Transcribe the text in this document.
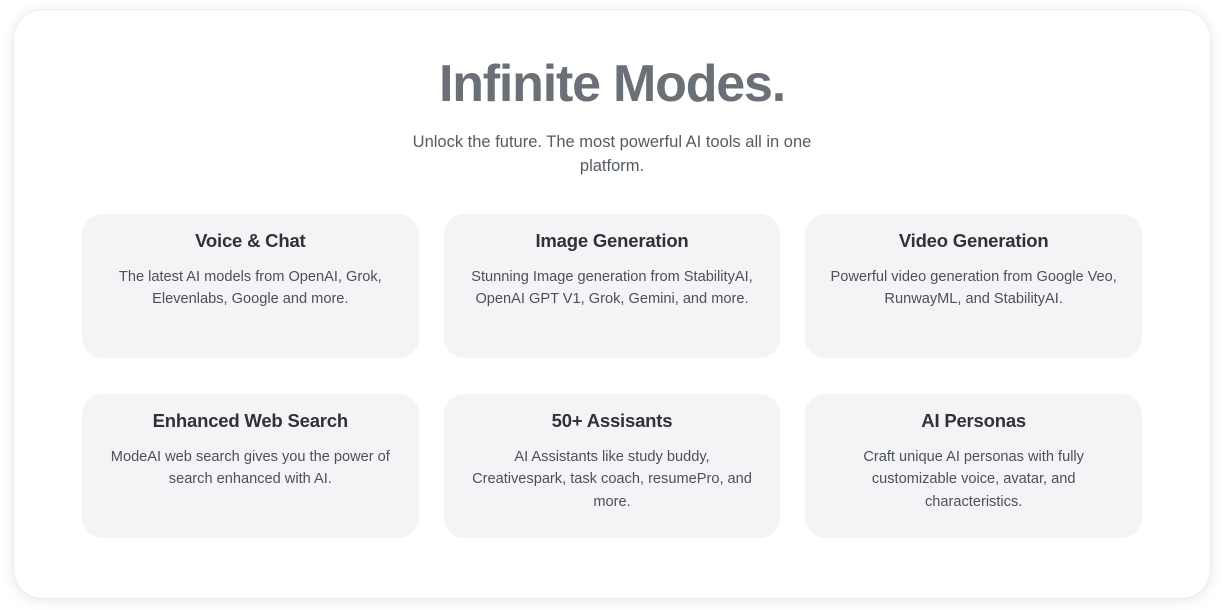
Infinite Modes.

Unlock the future. The most powerful AI tools all in one platform.

Voice & Chat

The latest AI models from OpenAI, Grok, Elevenlabs, Google and more.

Image Generation

Stunning Image generation from StabilityAI, OpenAI GPT V1, Grok, Gemini, and more.

Video Generation

Powerful video generation from Google Veo, RunwayML, and StabilityAI.

Enhanced Web Search

ModeAI web search gives you the power of search enhanced with AI.

50+ Assisants

AI Assistants like study buddy, Creativespark, task coach, resumePro, and more.

AI Personas

Craft unique AI personas with fully customizable voice, avatar, and characteristics.
